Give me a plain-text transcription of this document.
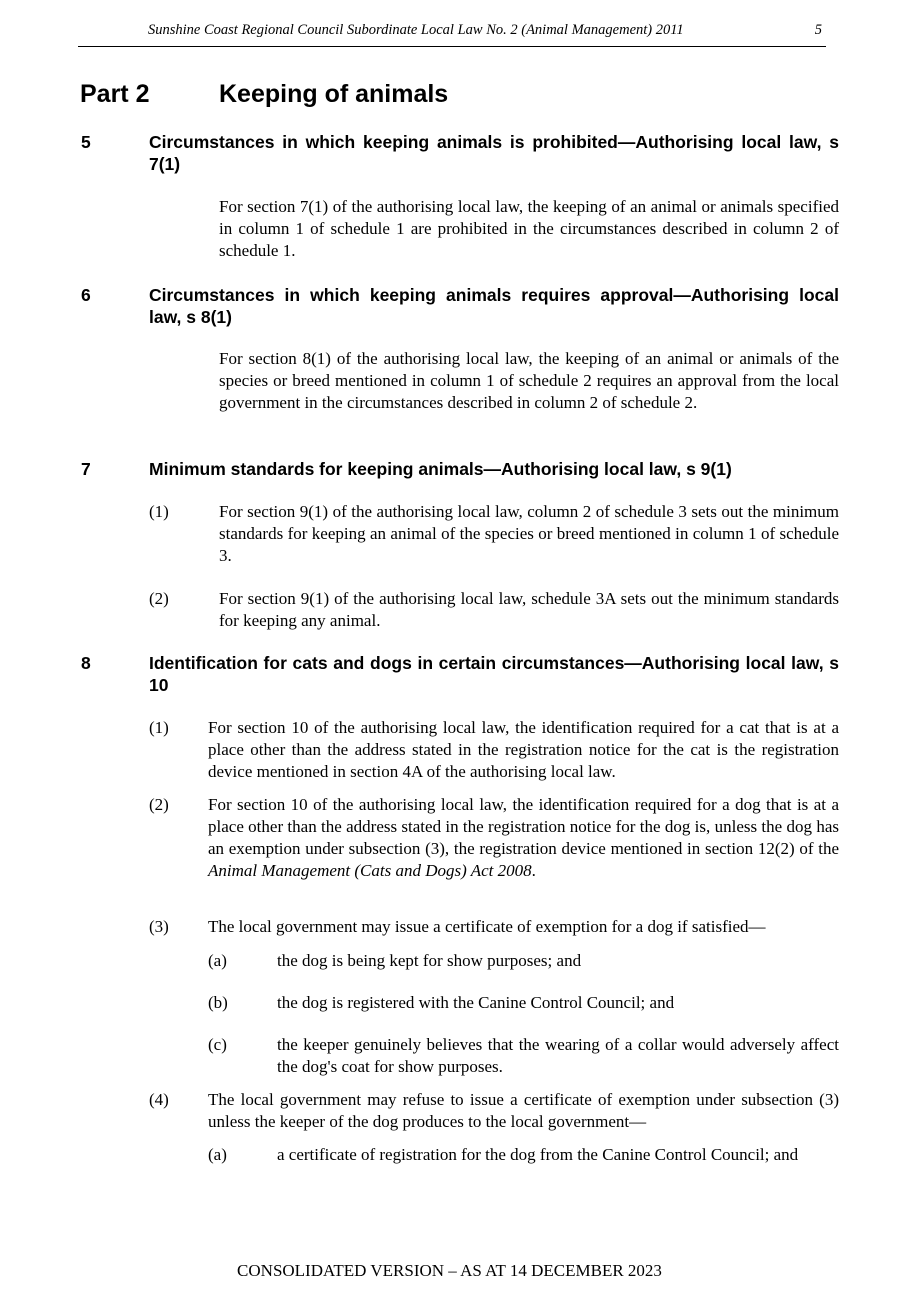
Sunshine Coast Regional Council Subordinate Local Law No. 2 (Animal Management) 2011	5
Part 2	Keeping of animals
5	Circumstances in which keeping animals is prohibited—Authorising local law, s 7(1)
For section 7(1) of the authorising local law, the keeping of an animal or animals specified in column 1 of schedule 1 are prohibited in the circumstances described in column 2 of schedule 1.
6	Circumstances in which keeping animals requires approval—Authorising local law, s 8(1)
For section 8(1) of the authorising local law, the keeping of an animal or animals of the species or breed mentioned in column 1 of schedule 2 requires an approval from the local government in the circumstances described in column 2 of schedule 2.
7	Minimum standards for keeping animals—Authorising local law, s 9(1)
(1)	For section 9(1) of the authorising local law, column 2 of schedule 3 sets out the minimum standards for keeping an animal of the species or breed mentioned in column 1 of schedule 3.
(2)	For section 9(1) of the authorising local law, schedule 3A sets out the minimum standards for keeping any animal.
8	Identification for cats and dogs in certain circumstances—Authorising local law, s 10
(1) For section 10 of the authorising local law, the identification required for a cat that is at a place other than the address stated in the registration notice for the cat is the registration device mentioned in section 4A of the authorising local law.
(2) For section 10 of the authorising local law, the identification required for a dog that is at a place other than the address stated in the registration notice for the dog is, unless the dog has an exemption under subsection (3), the registration device mentioned in section 12(2) of the Animal Management (Cats and Dogs) Act 2008.
(3) The local government may issue a certificate of exemption for a dog if satisfied—
(a)	the dog is being kept for show purposes; and
(b)	the dog is registered with the Canine Control Council; and
(c)	the keeper genuinely believes that the wearing of a collar would adversely affect the dog's coat for show purposes.
(4) The local government may refuse to issue a certificate of exemption under subsection (3) unless the keeper of the dog produces to the local government—
(a)	a certificate of registration for the dog from the Canine Control Council; and
CONSOLIDATED VERSION – AS AT 14 DECEMBER 2023
